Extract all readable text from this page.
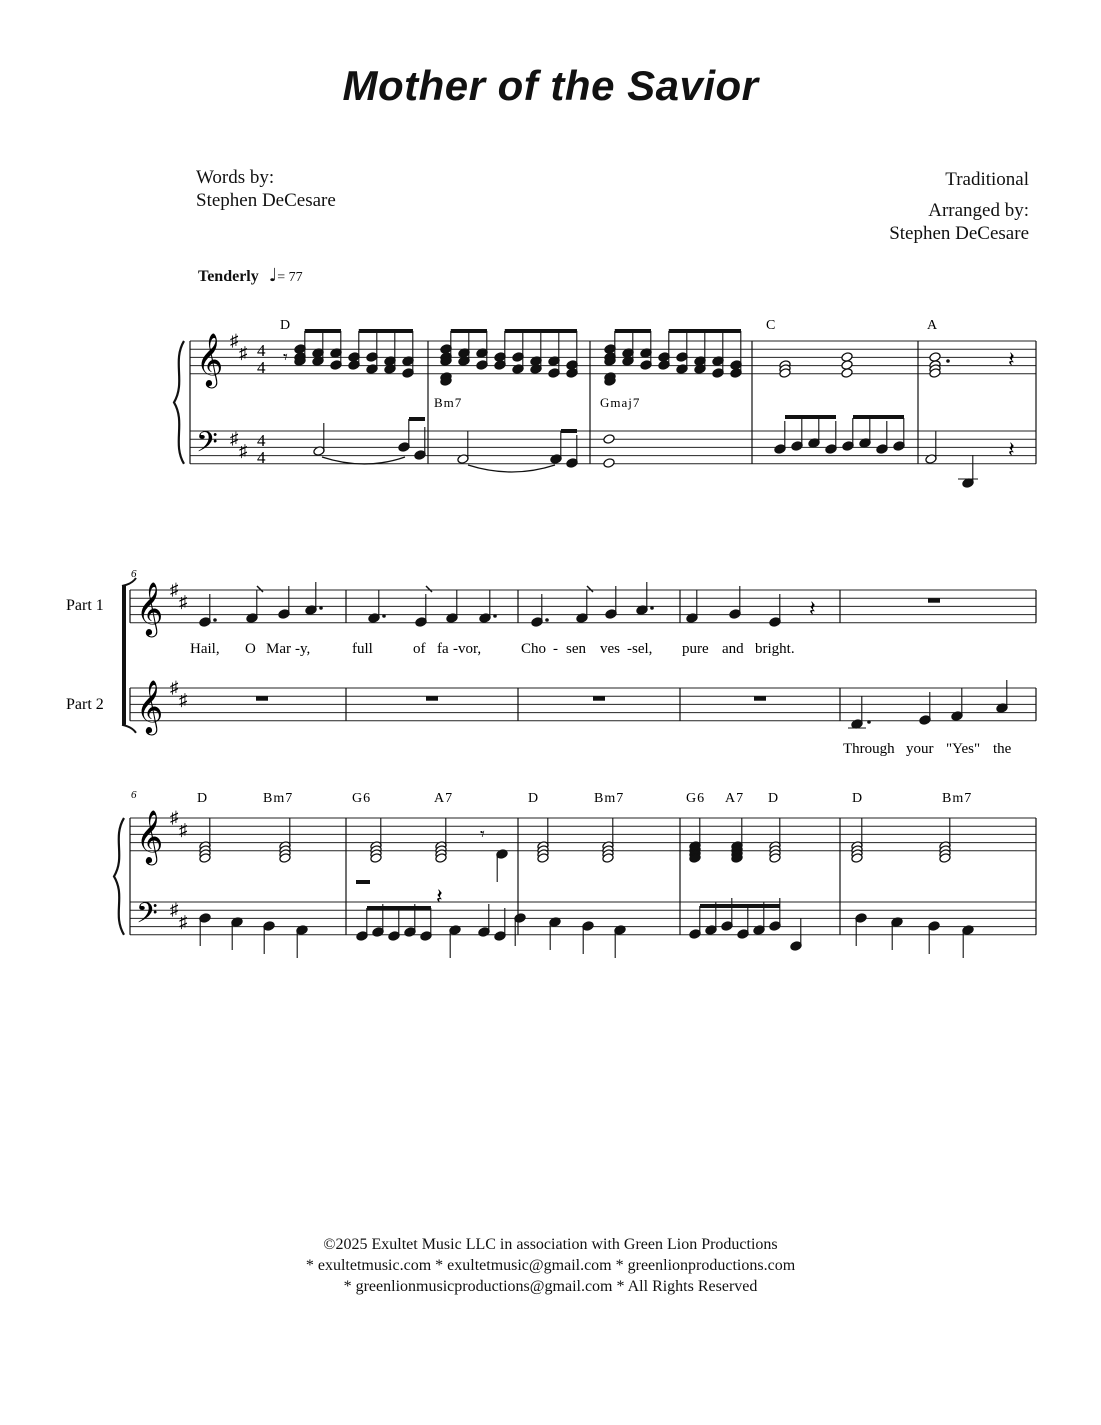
Mother of the Savior
Words by:
Stephen DeCesare
Traditional
Arranged by:
Stephen DeCesare
Tenderly ♩= 77
𝄞
𝄢
♯
♯
♯
♯
4
4
4
4
𝄾	𝄽
𝄽
𝄞 ♯
♯
𝄞 ♯
♯
𝄞 ♯
♯
𝄢 ♯
♯
𝄽
𝄾
𝄽
D
Bm7	Gmaj7
C	A
6
6
Part 1
Part 2
Hail, O Mar - y,	full	of fa - vor,	Cho - sen ves - sel, pure and bright.
Through your "Yes" the
D	Bm7	G6	A7	D	Bm7	G6 A7 D	D	Bm7
©2025 Exultet Music LLC in association with Green Lion Productions
* exultetmusic.com * exultetmusic@gmail.com * greenlionproductions.com
* greenlionmusicproductions@gmail.com * All Rights Reserved
